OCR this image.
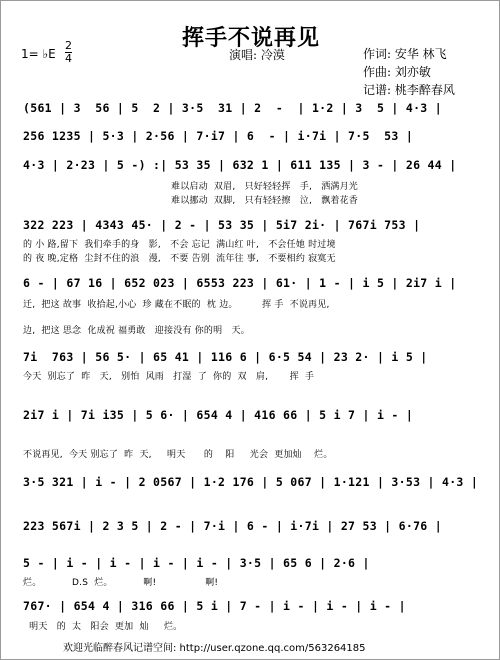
挥手不说再见
1= ♭E
2
4	演唱: 冷漠	作词: 安华 林飞
作曲: 刘亦敏
记谱: 桃李醉春风
(561 | 3  56 | 5  2 | 3·5  31 | 2  -  | 1·2 | 3  5 | 4·3 |
256 1235 | 5·3 | 2·56 | 7·i7 | 6  - | i·7i | 7·5  53 |
4·3 | 2·23 | 5 -) :| 53 35 | 632 1 | 611 135 | 3 - | 26 44 |
难以启动  双眉,   只好轻轻挥   手,   洒满月光
难以挪动  双脚,   只有轻轻擦   泣,   飘着花香
322 223 | 4343 45· | 2 - | 53 35 | 5i7 2i· | 767i 753 |
的 小 路,留下  我们牵手的身   影,   不会 忘记  满山红 叶,   不会任她 时过境
的 夜 晚,定格  尘封不住的浪   漫,   不要 告别  流年往 事,   不要相约 寂寞无
6 - | 67 16 | 652 023 | 6553 223 | 61· | 1 - | i 5 | 2i7 i |
迁,  把这 故事  收拾起,小心  珍 藏在不眠的  枕 边。        挥 手  不说再见,
边,  把这 思念  化成祝 福勇敢   迎接没有 你的明   天。
7i  763 | 56 5· | 65 41 | 116 6 | 6·5 54 | 23 2· | i 5 |
今天  别忘了  昨   天,   别怕  风雨   打湿  了  你的  双   肩,       挥  手
2i7 i | 7i i35 | 5 6· | 654 4 | 416 66 | 5 i 7 | i - |
不说再见,  今天 别忘了  昨  天,     明天      的    阳     光会  更加灿    烂。
3·5 321 | i - | 2 0567 | 1·2 176 | 5 067 | 1·121 | 3·53 | 4·3 |
223 567i | 2 3 5 | 2 - | 7·i | 6 - | i·7i | 27 53 | 6·76 |
5 - | i - | i - | i - | i - | 3·5 | 65 6 | 2·6 |
烂。          D.S  烂。          啊!                啊!
767· | 654 4 | 316 66 | 5 i | 7 - | i - | i - | i - |
明天   的  太   阳会  更加  灿     烂。
欢迎光临醉春风记谱空间: http://user.qzone.qq.com/563264185
